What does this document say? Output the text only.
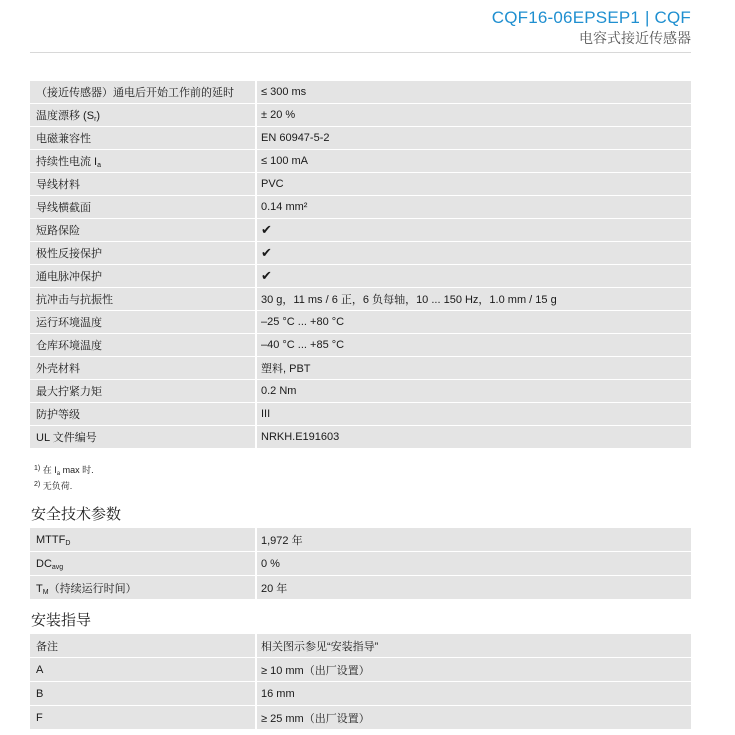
CQF16-06EPSEP1 | CQF
电容式接近传感器
（接近传感器）通电后开始工作前的延时	≤ 300 ms
温度漂移 $(S_r)$	± 20 %
电磁兼容性	EN 60947-5-2
持续性电流 $I_a$	≤ 100 mA
导线材料	PVC
导线横截面	0.14 mm²
短路保险	✔
极性反接保护	✔
通电脉冲保护	✔
抗冲击与抗振性	30 g，11 ms / 6 正，6 负每轴，10 ... 150 Hz，1.0 mm / 15 g
运行环境温度	–25 °C ... +80 °C
仓库环境温度	–40 °C ... +85 °C
外壳材料	塑料, PBT
最大拧紧力矩	0.2 Nm
防护等级	III
UL 文件编号	NRKH.E191603
$^{1)}$ 在 $I_a$ max 时.
$^{2)}$ 无负荷.
安全技术参数
$MTTF_D$	1,972 年
$DC_{avg}$	0 %
$T_M$（持续运行时间）	20 年
安装指导
备注	相关图示参见“安装指导”
A	≥ 10 mm（出厂设置）
B	16 mm
F	≥ 25 mm（出厂设置）
